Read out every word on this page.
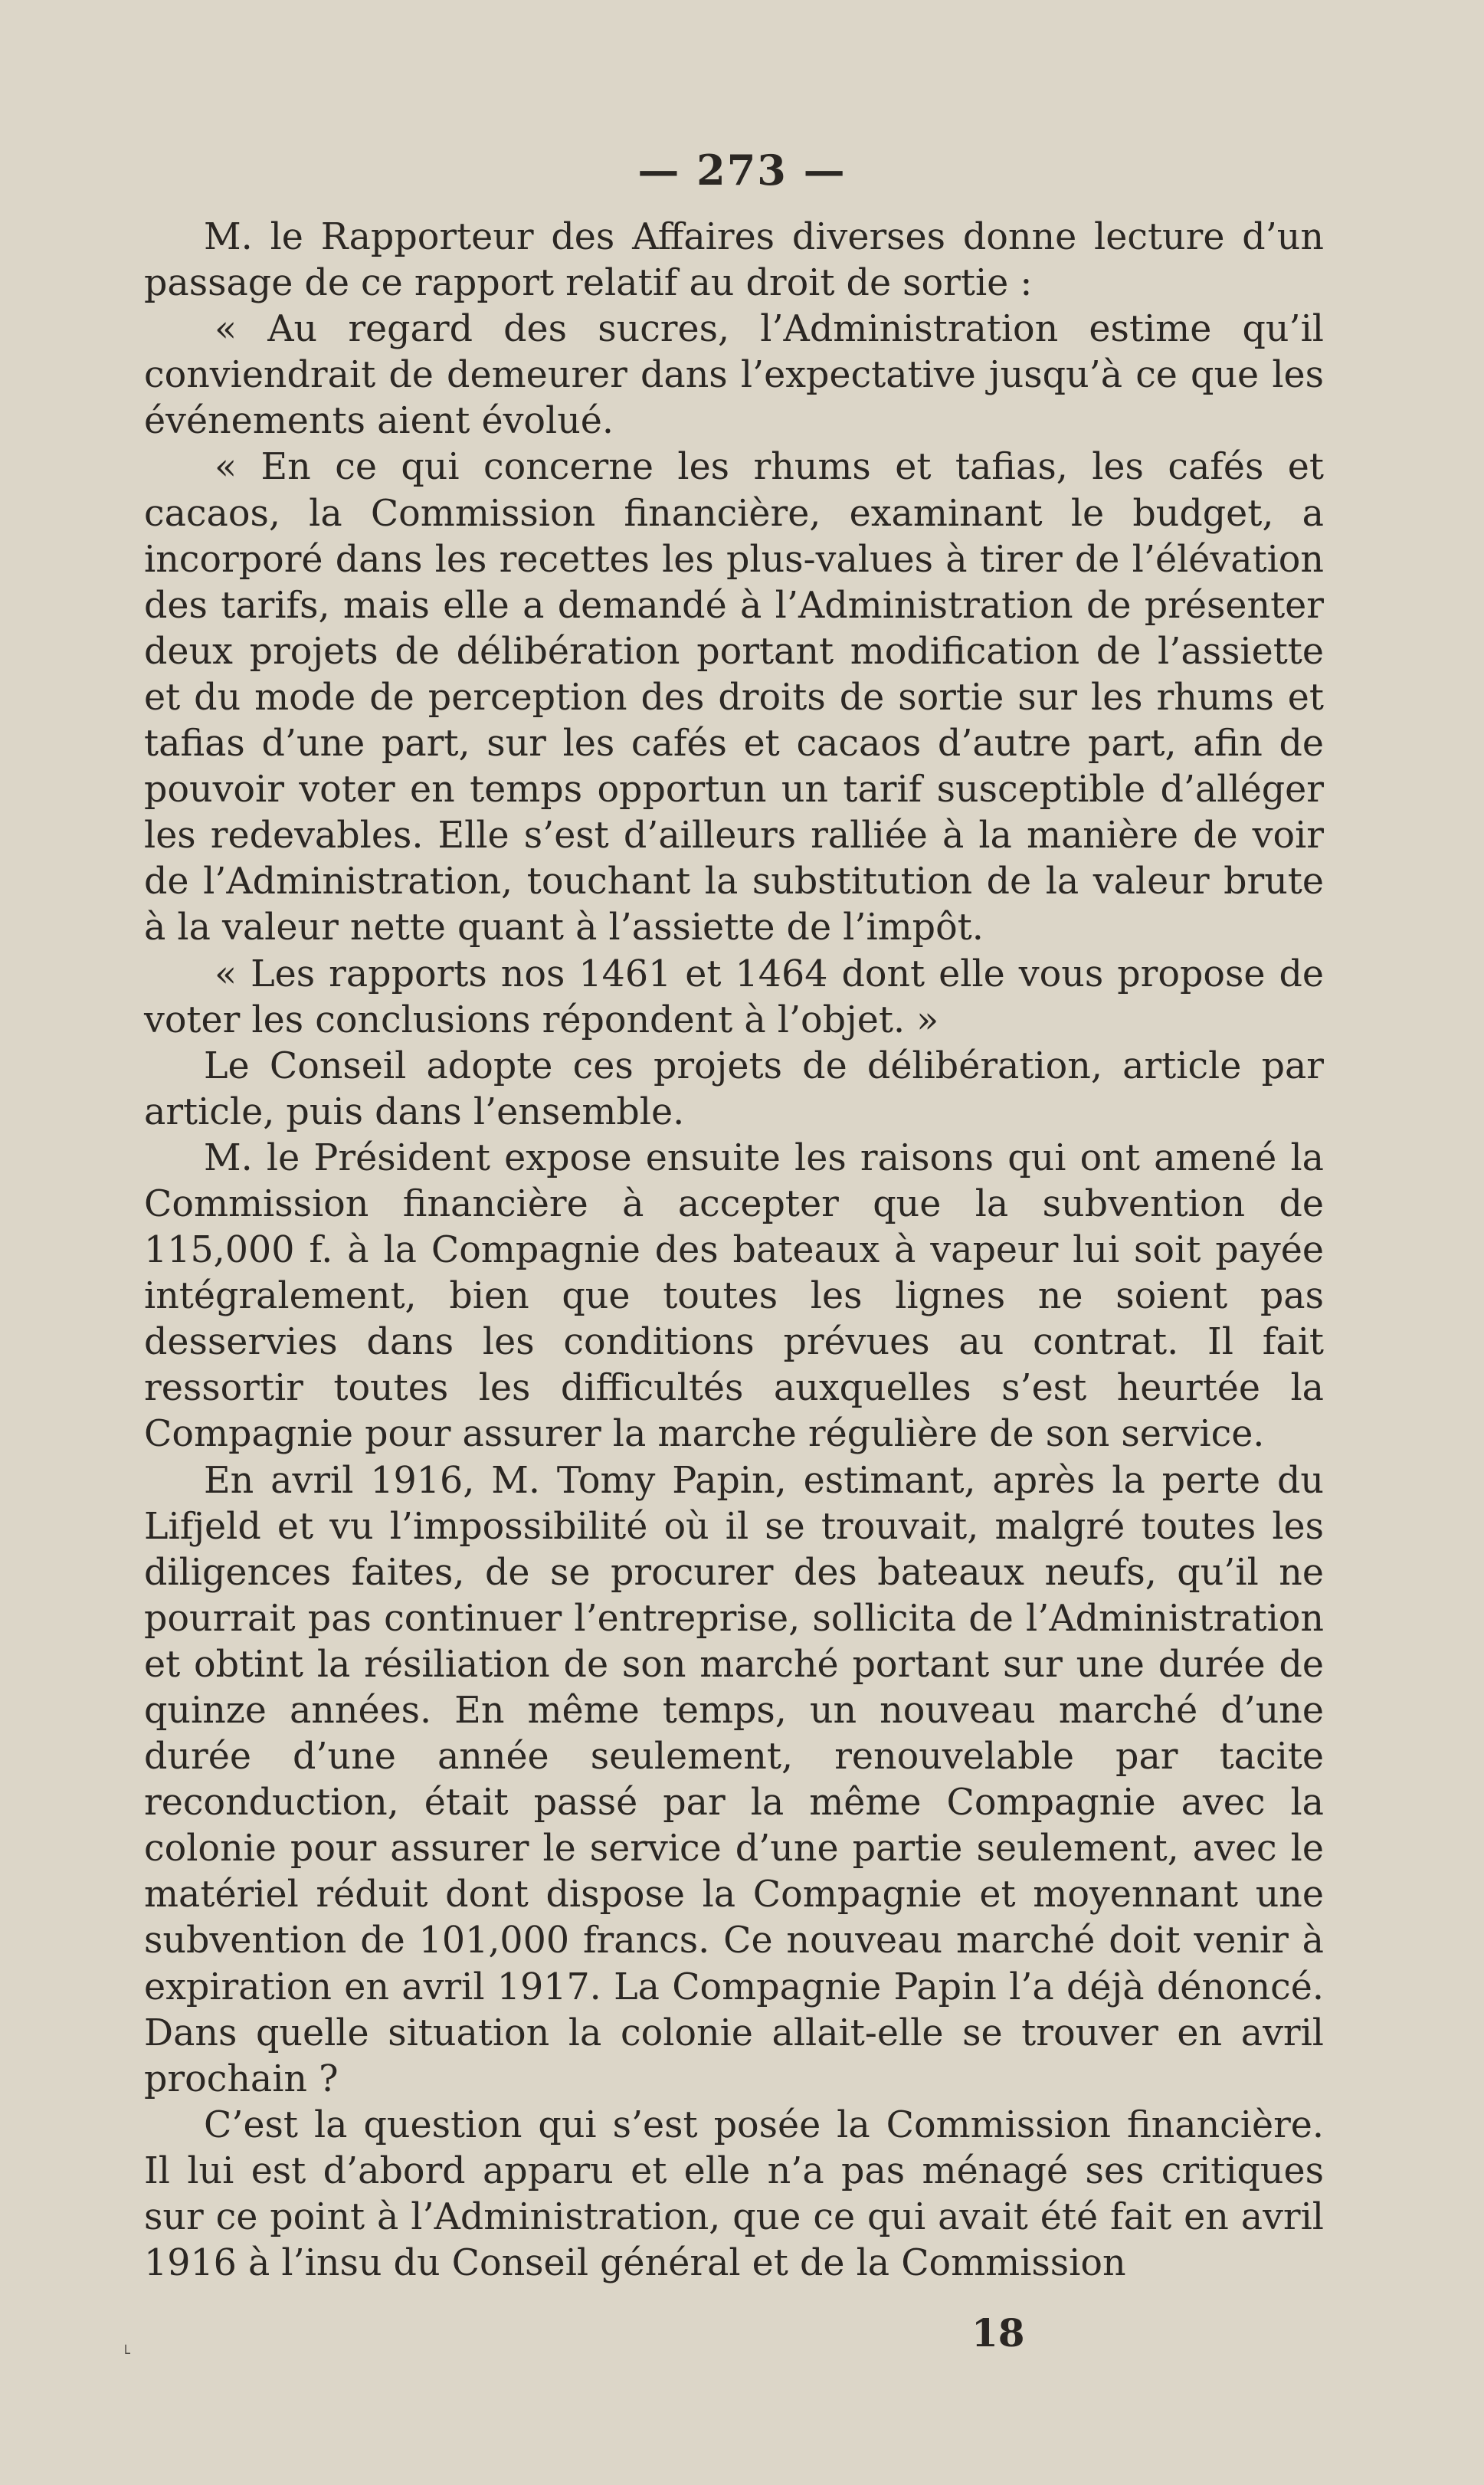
— 273 —

M. le Rapporteur des Affaires diverses donne lecture d’un passage de ce rapport relatif au droit de sortie :

« Au regard des sucres, l’Administration estime qu’il conviendrait de demeurer dans l’expectative jusqu’à ce que les événements aient évolué.

« En ce qui concerne les rhums et tafias, les cafés et cacaos, la Commission financière, examinant le budget, a incorporé dans les recettes les plus-values à tirer de l’élévation des tarifs, mais elle a demandé à l’Administration de présenter deux projets de délibération portant modification de l’assiette et du mode de perception des droits de sortie sur les rhums et tafias d’une part, sur les cafés et cacaos d’autre part, afin de pouvoir voter en temps opportun un tarif susceptible d’alléger les redevables. Elle s’est d’ailleurs ralliée à la manière de voir de l’Administration, touchant la substitution de la valeur brute à la valeur nette quant à l’assiette de l’impôt.

« Les rapports nos 1461 et 1464 dont elle vous propose de voter les conclusions répondent à l’objet. »

Le Conseil adopte ces projets de délibération, article par article, puis dans l’ensemble.

M. le Président expose ensuite les raisons qui ont amené la Commission financière à accepter que la subvention de 115,000 f. à la Compagnie des bateaux à vapeur lui soit payée intégralement, bien que toutes les lignes ne soient pas desservies dans les conditions prévues au contrat. Il fait ressortir toutes les difficultés auxquelles s’est heurtée la Compagnie pour assurer la marche régulière de son service.

En avril 1916, M. Tomy Papin, estimant, après la perte du Lifjeld et vu l’impossibilité où il se trouvait, malgré toutes les diligences faites, de se procurer des bateaux neufs, qu’il ne pourrait pas continuer l’entreprise, sollicita de l’Administration et obtint la résiliation de son marché portant sur une durée de quinze années. En même temps, un nouveau marché d’une durée d’une année seulement, renouvelable par tacite reconduction, était passé par la même Compagnie avec la colonie pour assurer le service d’une partie seulement, avec le matériel réduit dont dispose la Compagnie et moyennant une subvention de 101,000 francs. Ce nouveau marché doit venir à expiration en avril 1917. La Compagnie Papin l’a déjà dénoncé. Dans quelle situation la colonie allait-elle se trouver en avril prochain ?

C’est la question qui s’est posée la Commission financière. Il lui est d’abord apparu et elle n’a pas ménagé ses critiques sur ce point à l’Administration, que ce qui avait été fait en avril 1916 à l’insu du Conseil général et de la Commission

˪	18
